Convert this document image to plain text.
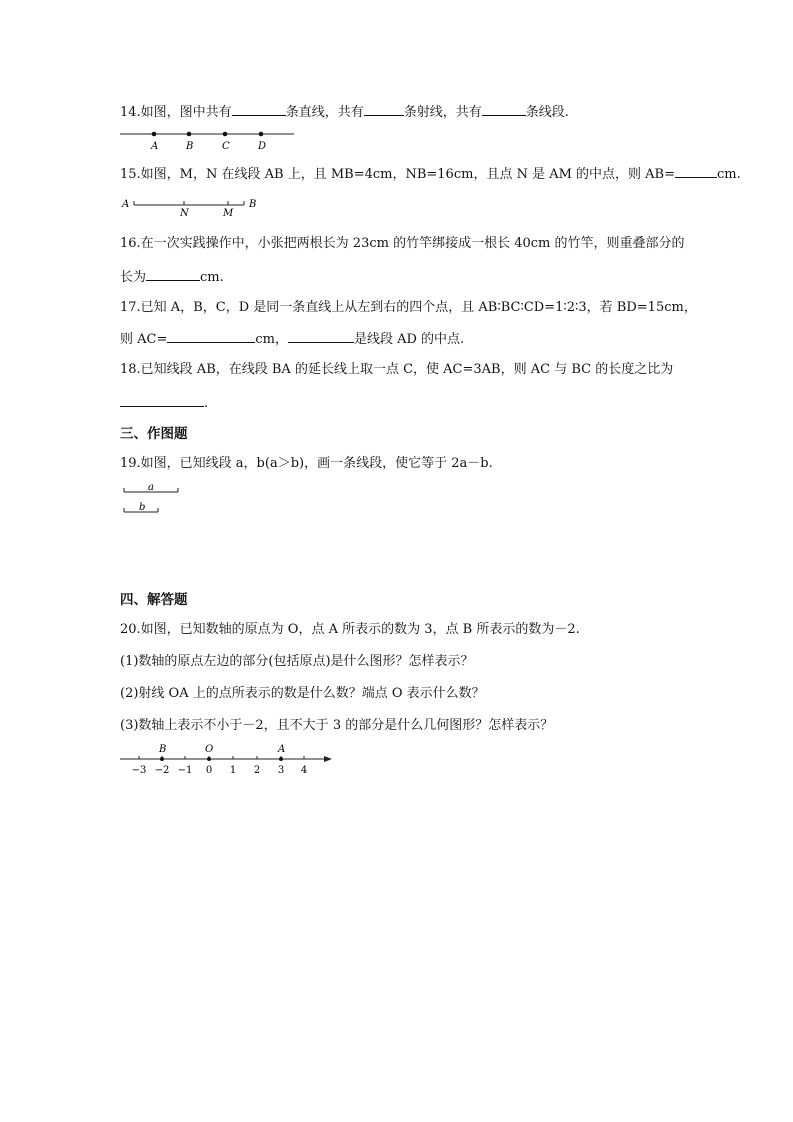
14.如图，图中共有	条直线，共有	条射线，共有	条线段.
A	B	C	D
15.如图，M，N 在线段 AB 上，且 MB=4cm，NB=16cm，且点 N 是 AM 的中点，则 AB=	cm.
A	B
N	M
16.在一次实践操作中，小张把两根长为 23cm 的竹竿绑接成一根长 40cm 的竹竿，则重叠部分的
长为	cm.
17.已知 A，B，C，D 是同一条直线上从左到右的四个点，且 AB∶BC∶CD=1∶2∶3，若 BD=15cm，
则 AC=	cm，	是线段 AD 的中点.
18.已知线段 AB，在线段 BA 的延长线上取一点 C，使 AC=3AB，则 AC 与 BC 的长度之比为
.
三、作图题
19.如图，已知线段 a，b(a＞b)，画一条线段，使它等于 2a－b.
a
b
四、解答题
20.如图，已知数轴的原点为 O，点 A 所表示的数为 3，点 B 所表示的数为－2.
(1)数轴的原点左边的部分(包括原点)是什么图形？怎样表示？
(2)射线 OA 上的点所表示的数是什么数？端点 O 表示什么数？
(3)数轴上表示不小于－2，且不大于 3 的部分是什么几何图形？怎样表示？
B	O	A
−3 −2 −1 0 1 2 3 4
